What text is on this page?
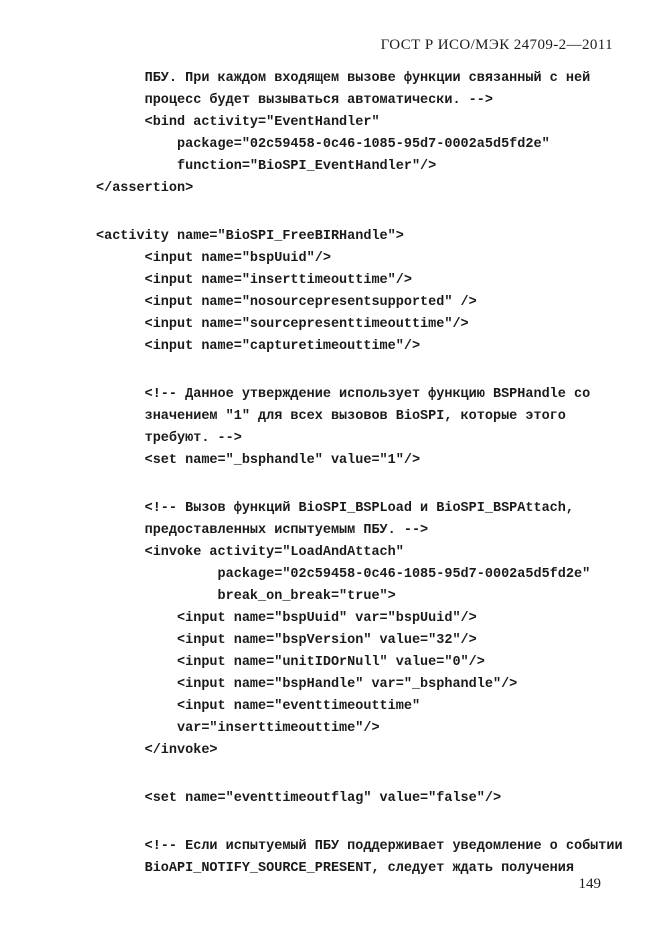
ГОСТ Р ИСО/МЭК 24709-2—2011
ПБУ. При каждом входящем вызове функции связанный с ней
процесс будет вызываться автоматически. -->
<bind activity="EventHandler"
package="02c59458-0c46-1085-95d7-0002a5d5fd2e"
function="BioSPI_EventHandler"/>
</assertion>
<activity name="BioSPI_FreeBIRHandle">
<input name="bspUuid"/>
<input name="inserttimeouttime"/>
<input name="nosourcepresentsupported" />
<input name="sourcepresenttimeouttime"/>
<input name="capturetimeouttime"/>
<!-- Данное утверждение использует функцию BSPHandle со
значением "1" для всех вызовов BioSPI, которые этого
требуют. -->
<set name="_bsphandle" value="1"/>
<!-- Вызов функций BioSPI_BSPLoad и BioSPI_BSPAttach,
предоставленных испытуемым ПБУ. -->
<invoke activity="LoadAndAttach"
package="02c59458-0c46-1085-95d7-0002a5d5fd2e"
break_on_break="true">
<input name="bspUuid" var="bspUuid"/>
<input name="bspVersion" value="32"/>
<input name="unitIDOrNull" value="0"/>
<input name="bspHandle" var="_bsphandle"/>
<input name="eventtimeouttime"
var="inserttimeouttime"/>
</invoke>
<set name="eventtimeoutflag" value="false"/>
<!-- Если испытуемый ПБУ поддерживает уведомление о событии
BioAPI_NOTIFY_SOURCE_PRESENT, следует ждать получения
149
